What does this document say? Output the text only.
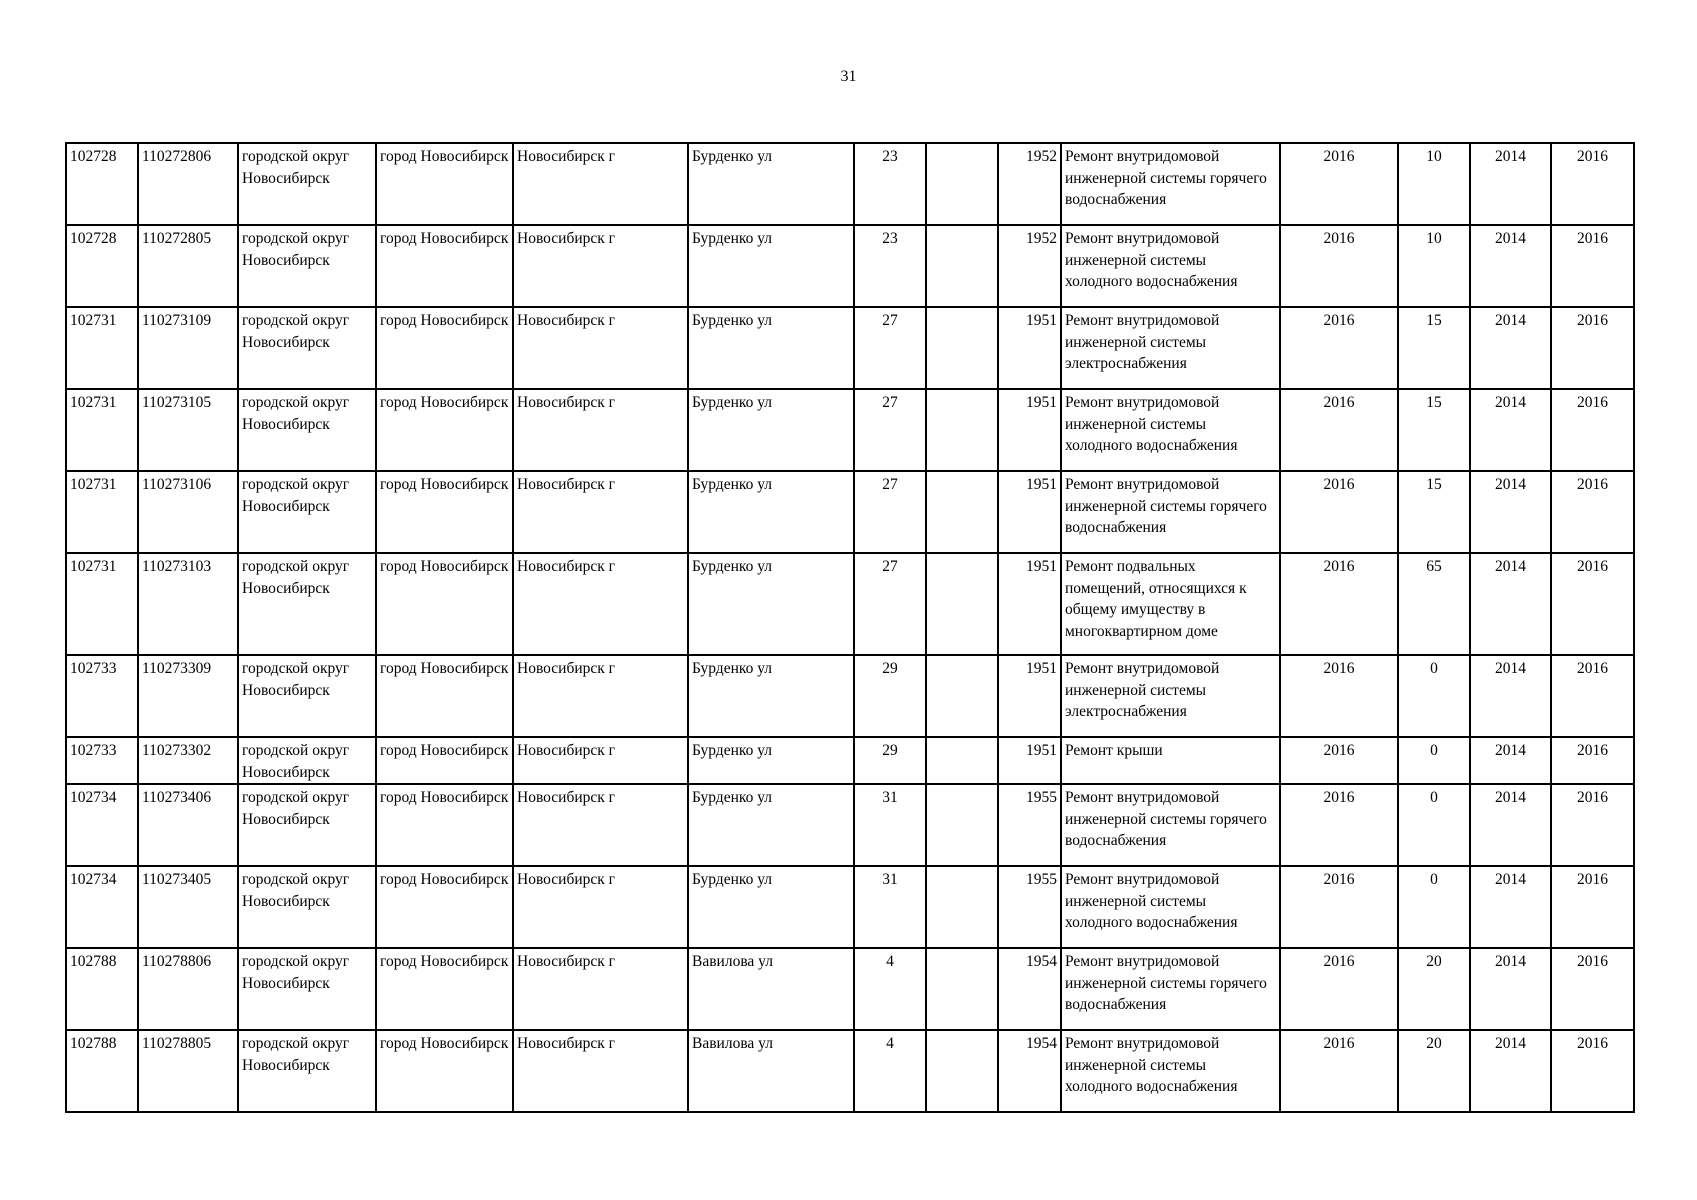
31
102728	110272806	городской округ Новосибирск	город Новосибирск	Новосибирск г	Бурденко ул	23		1952	Ремонт внутридомовой инженерной системы горячего водоснабжения	2016	10	2014	2016
102728	110272805	городской округ Новосибирск	город Новосибирск	Новосибирск г	Бурденко ул	23		1952	Ремонт внутридомовой инженерной системы холодного водоснабжения	2016	10	2014	2016
102731	110273109	городской округ Новосибирск	город Новосибирск	Новосибирск г	Бурденко ул	27		1951	Ремонт внутридомовой инженерной системы электроснабжения	2016	15	2014	2016
102731	110273105	городской округ Новосибирск	город Новосибирск	Новосибирск г	Бурденко ул	27		1951	Ремонт внутридомовой инженерной системы холодного водоснабжения	2016	15	2014	2016
102731	110273106	городской округ Новосибирск	город Новосибирск	Новосибирск г	Бурденко ул	27		1951	Ремонт внутридомовой инженерной системы горячего водоснабжения	2016	15	2014	2016
102731	110273103	городской округ Новосибирск	город Новосибирск	Новосибирск г	Бурденко ул	27		1951	Ремонт подвальных помещений, относящихся к общему имуществу в многоквартирном доме	2016	65	2014	2016
102733	110273309	городской округ Новосибирск	город Новосибирск	Новосибирск г	Бурденко ул	29		1951	Ремонт внутридомовой инженерной системы электроснабжения	2016	0	2014	2016
102733	110273302	городской округ Новосибирск	город Новосибирск	Новосибирск г	Бурденко ул	29		1951	Ремонт крыши	2016	0	2014	2016
102734	110273406	городской округ Новосибирск	город Новосибирск	Новосибирск г	Бурденко ул	31		1955	Ремонт внутридомовой инженерной системы горячего водоснабжения	2016	0	2014	2016
102734	110273405	городской округ Новосибирск	город Новосибирск	Новосибирск г	Бурденко ул	31		1955	Ремонт внутридомовой инженерной системы холодного водоснабжения	2016	0	2014	2016
102788	110278806	городской округ Новосибирск	город Новосибирск	Новосибирск г	Вавилова ул	4		1954	Ремонт внутридомовой инженерной системы горячего водоснабжения	2016	20	2014	2016
102788	110278805	городской округ Новосибирск	город Новосибирск	Новосибирск г	Вавилова ул	4		1954	Ремонт внутридомовой инженерной системы холодного водоснабжения	2016	20	2014	2016
